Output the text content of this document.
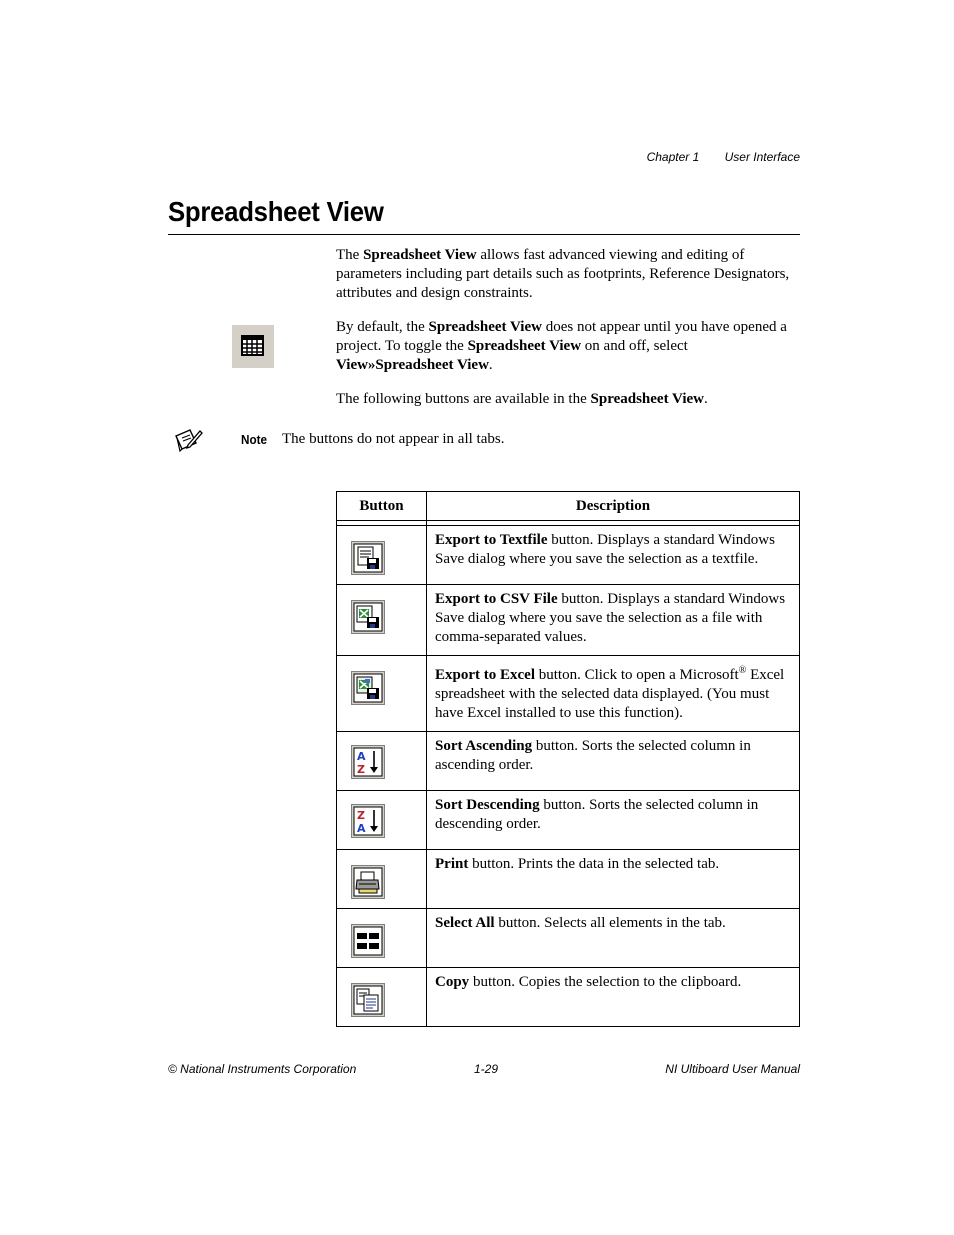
Chapter 1 User Interface
Spreadsheet View

The Spreadsheet View allows fast advanced viewing and editing of parameters including part details such as footprints, Reference Designators, attributes and design constraints.

By default, the Spreadsheet View does not appear until you have opened a project. To toggle the Spreadsheet View on and off, select View»Spreadsheet View.

The following buttons are available in the Spreadsheet View.

Note The buttons do not appear in all tabs.
Button	Description

	Export to Textfile button. Displays a standard Windows Save dialog where you save the selection as a textfile.

	Export to CSV File button. Displays a standard Windows Save dialog where you save the selection as a file with comma-separated values.

	Export to Excel button. Click to open a Microsoft® Excel spreadsheet with the selected data displayed. (You must have Excel installed to use this function).

A
Z	Sort Ascending button. Sorts the selected column in ascending order.

Z
A	Sort Descending button. Sorts the selected column in descending order.

	Print button. Prints the data in the selected tab.

	Select All button. Selects all elements in the tab.

	Copy button. Copies the selection to the clipboard.
© National Instruments Corporation	1-29	NI Ultiboard User Manual
